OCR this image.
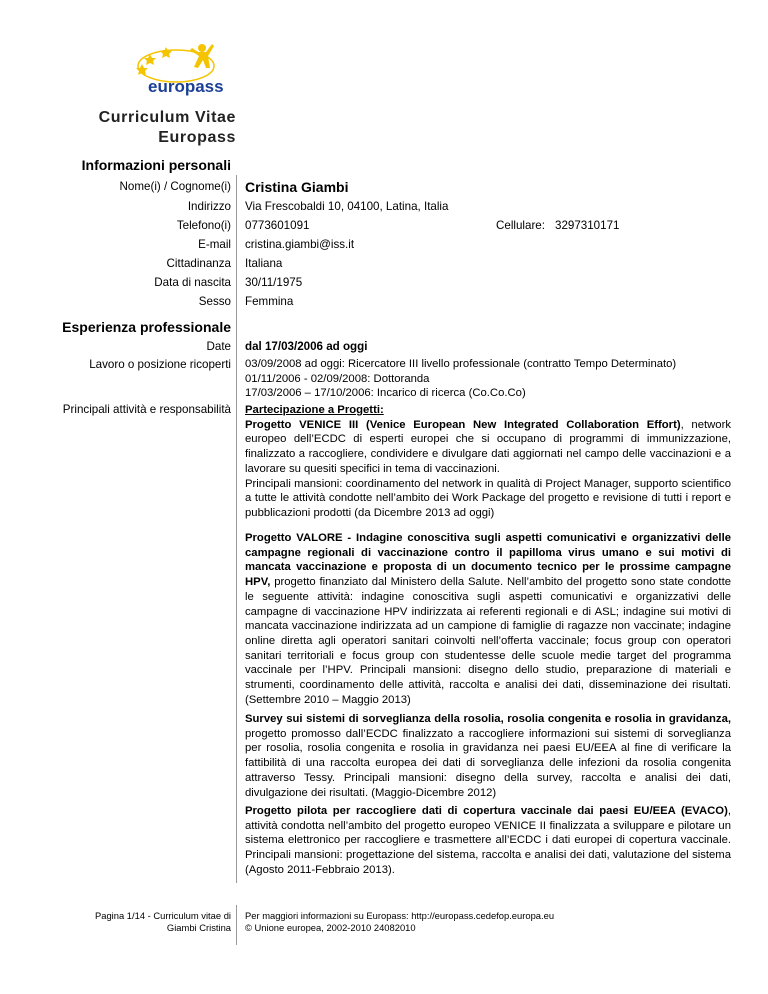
europass
Curriculum Vitae
Europass
Informazioni personali
Nome(i) / Cognome(i) Cristina Giambi
Indirizzo Via Frescobaldi 10, 04100, Latina, Italia
Telefono(i) 0773601091	Cellulare: 3297310171
E-mail cristina.giambi@iss.it
Cittadinanza Italiana
Data di nascita 30/11/1975
Sesso Femmina
Esperienza professionale
Date dal 17/03/2006 ad oggi
Lavoro o posizione ricoperti 03/09/2008 ad oggi: Ricercatore III livello professionale (contratto Tempo Determinato)
01/11/2006 - 02/09/2008: Dottoranda
17/03/2006 – 17/10/2006: Incarico di ricerca (Co.Co.Co)
Principali attività e responsabilità Partecipazione a Progetti:
Progetto VENICE III (Venice European New Integrated Collaboration Effort), network europeo dell’ECDC di esperti europei che si occupano di programmi di immunizzazione, finalizzato a raccogliere, condividere e divulgare dati aggiornati nel campo delle vaccinazioni e a lavorare su quesiti specifici in tema di vaccinazioni.
Principali mansioni: coordinamento del network in qualità di Project Manager, supporto scientifico a tutte le attività condotte nell’ambito dei Work Package del progetto e revisione di tutti i report e pubblicazioni prodotti (da Dicembre 2013 ad oggi)
Progetto VALORE - Indagine conoscitiva sugli aspetti comunicativi e organizzativi delle campagne regionali di vaccinazione contro il papilloma virus umano e sui motivi di mancata vaccinazione e proposta di un documento tecnico per le prossime campagne HPV, progetto finanziato dal Ministero della Salute. Nell’ambito del progetto sono state condotte le seguente attività: indagine conoscitiva sugli aspetti comunicativi e organizzativi delle campagne di vaccinazione HPV indirizzata ai referenti regionali e di ASL; indagine sui motivi di mancata vaccinazione indirizzata ad un campione di famiglie di ragazze non vaccinate; indagine online diretta agli operatori sanitari coinvolti nell’offerta vaccinale; focus group con operatori sanitari territoriali e focus group con studentesse delle scuole medie target del programma vaccinale per l’HPV. Principali mansioni: disegno dello studio, preparazione di materiali e strumenti, coordinamento delle attività, raccolta e analisi dei dati, disseminazione dei risultati. (Settembre 2010 – Maggio 2013)
Survey sui sistemi di sorveglianza della rosolia, rosolia congenita e rosolia in gravidanza, progetto promosso dall’ECDC finalizzato a raccogliere informazioni sui sistemi di sorveglianza per rosolia, rosolia congenita e rosolia in gravidanza nei paesi EU/EEA al fine di verificare la fattibilità di una raccolta europea dei dati di sorveglianza delle infezioni da rosolia congenita attraverso Tessy. Principali mansioni: disegno della survey, raccolta e analisi dei dati, divulgazione dei risultati. (Maggio-Dicembre 2012)
Progetto pilota per raccogliere dati di copertura vaccinale dai paesi EU/EEA (EVACO), attività condotta nell’ambito del progetto europeo VENICE II finalizzata a sviluppare e pilotare un sistema elettronico per raccogliere e trasmettere all’ECDC i dati europei di copertura vaccinale. Principali mansioni: progettazione del sistema, raccolta e analisi dei dati, valutazione del sistema (Agosto 2011-Febbraio 2013).
Pagina 1/14 - Curriculum vitae di
Giambi Cristina
Per maggiori informazioni su Europass: http://europass.cedefop.europa.eu
© Unione europea, 2002-2010 24082010
